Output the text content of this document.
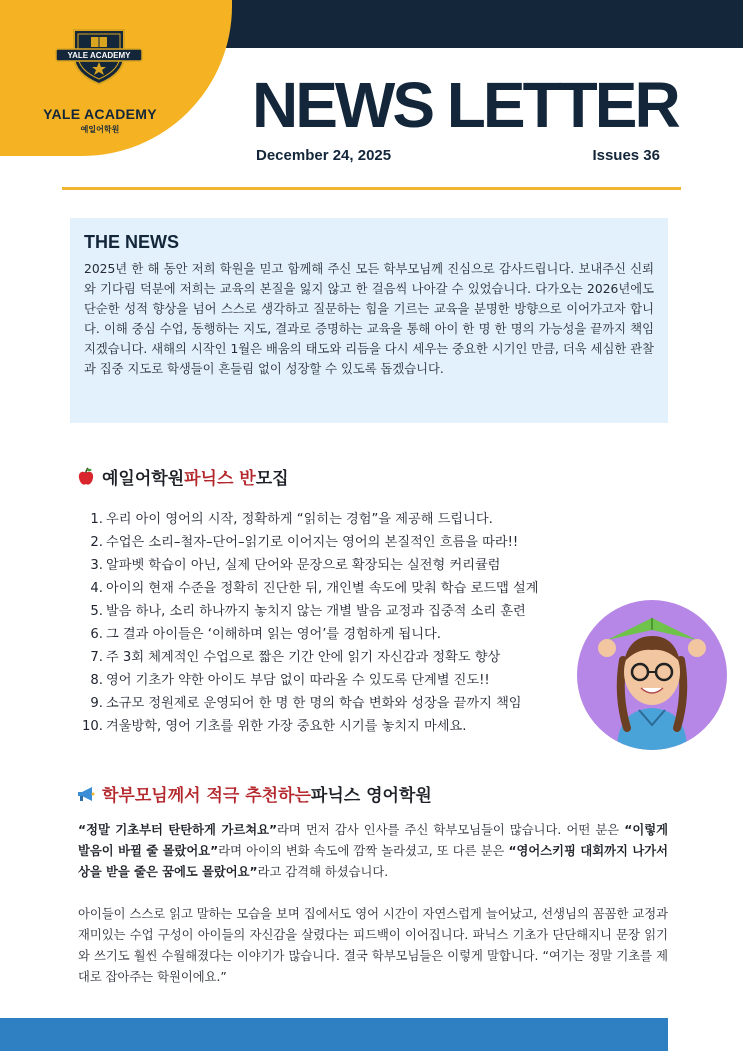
YALE ACADEMY
YALE ACADEMY
예일어학원	NEWS LETTER
December 24, 2025	Issues 36
THE NEWS

2025년 한 해 동안 저희 학원을 믿고 함께해 주신 모든 학부모님께 진심으로 감사드립니다. 보내주신 신뢰와 기다림 덕분에 저희는 교육의 본질을 잃지 않고 한 걸음씩 나아갈 수 있었습니다. 다가오는 2026년에도 단순한 성적 향상을 넘어 스스로 생각하고 질문하는 힘을 기르는 교육을 분명한 방향으로 이어가고자 합니다. 이해 중심 수업, 동행하는 지도, 결과로 증명하는 교육을 통해 아이 한 명 한 명의 가능성을 끝까지 책임지겠습니다. 새해의 시작인 1월은 배움의 태도와 리듬을 다시 세우는 중요한 시기인 만큼, 더욱 세심한 관찰과 집중 지도로 학생들이 흔들림 없이 성장할 수 있도록 돕겠습니다.

예일어학원 파닉스 반 모집
1. 우리 아이 영어의 시작, 정확하게 “읽히는 경험”을 제공해 드립니다.
2. 수업은 소리–철자–단어–읽기로 이어지는 영어의 본질적인 흐름을 따라!!
3. 알파벳 학습이 아닌, 실제 단어와 문장으로 확장되는 실전형 커리큘럼
4. 아이의 현재 수준을 정확히 진단한 뒤, 개인별 속도에 맞춰 학습 로드맵 설계
5. 발음 하나, 소리 하나까지 놓치지 않는 개별 발음 교정과 집중적 소리 훈련
6. 그 결과 아이들은 ‘이해하며 읽는 영어’를 경험하게 됩니다.
7. 주 3회 체계적인 수업으로 짧은 기간 안에 읽기 자신감과 정확도 향상
8. 영어 기초가 약한 아이도 부담 없이 따라올 수 있도록 단계별 진도!!
9. 소규모 정원제로 운영되어 한 명 한 명의 학습 변화와 성장을 끝까지 책임
10. 겨울방학, 영어 기초를 위한 가장 중요한 시기를 놓치지 마세요.
학부모님께서 적극 추천하는 파닉스 영어학원

“정말 기초부터 탄탄하게 가르쳐요”라며 먼저 감사 인사를 주신 학부모님들이 많습니다. 어떤 분은 “이렇게 발음이 바뀔 줄 몰랐어요”라며 아이의 변화 속도에 깜짝 놀라셨고, 또 다른 분은 “영어스키핑 대회까지 나가서 상을 받을 줄은 꿈에도 몰랐어요”라고 감격해 하셨습니다.

아이들이 스스로 읽고 말하는 모습을 보며 집에서도 영어 시간이 자연스럽게 늘어났고, 선생님의 꼼꼼한 교정과 재미있는 수업 구성이 아이들의 자신감을 살렸다는 피드백이 이어집니다. 파닉스 기초가 단단해지니 문장 읽기와 쓰기도 훨씬 수월해졌다는 이야기가 많습니다. 결국 학부모님들은 이렇게 말합니다. “여기는 정말 기초를 제대로 잡아주는 학원이에요.”
